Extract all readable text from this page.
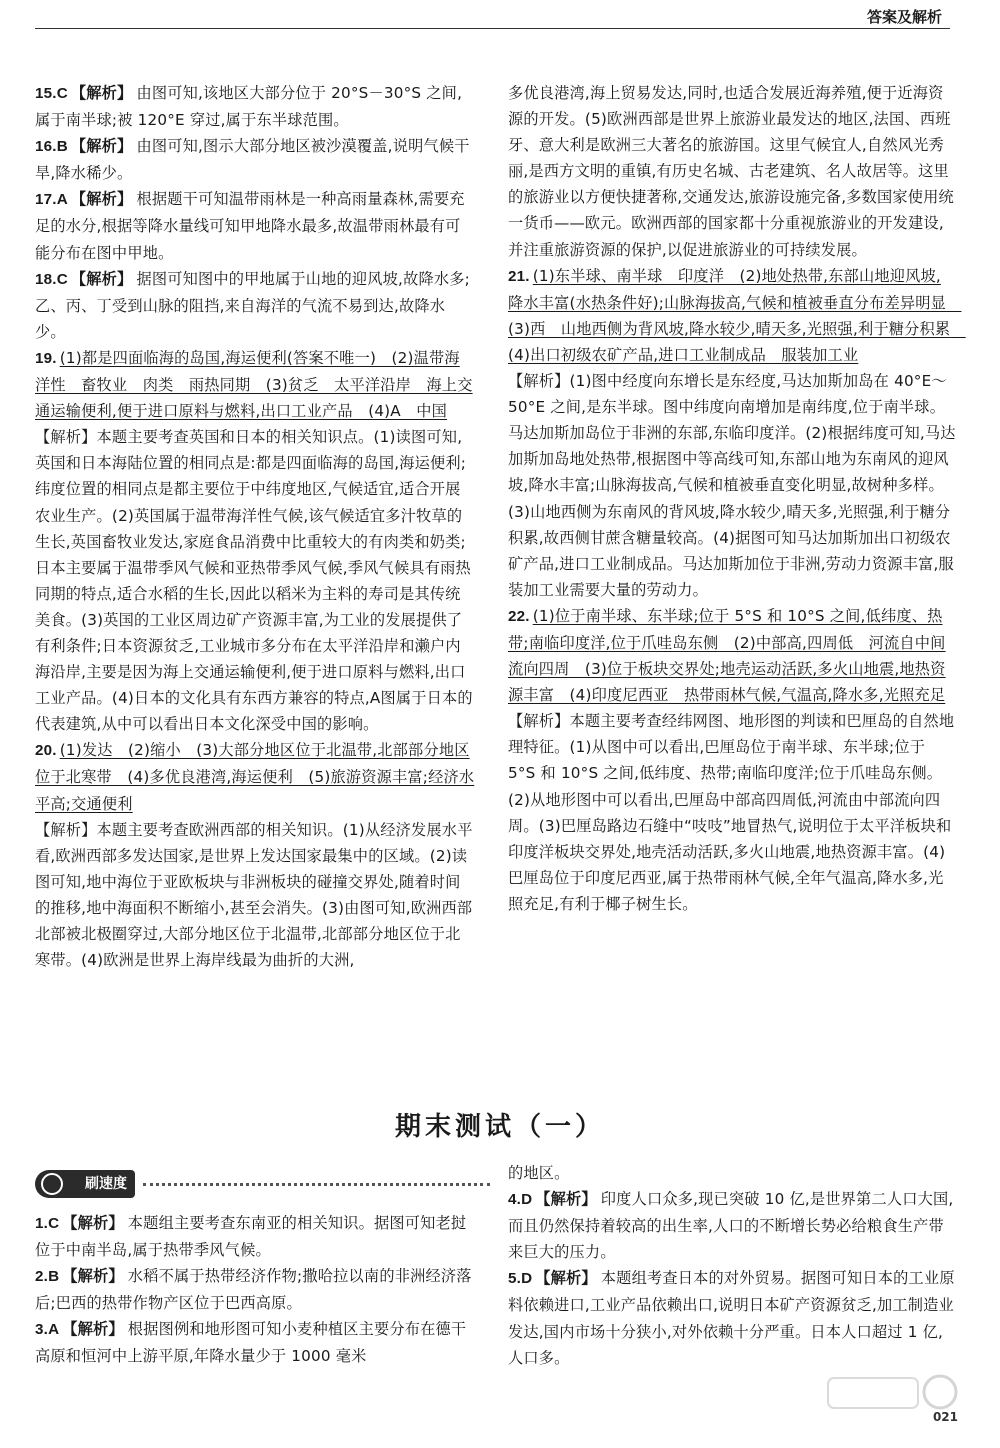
答案及解析

15.C 【解析】 由图可知,该地区大部分位于 20°S－30°S 之间,属于南半球;被 120°E 穿过,属于东半球范围。

16.B 【解析】 由图可知,图示大部分地区被沙漠覆盖,说明气候干旱,降水稀少。

17.A 【解析】 根据题干可知温带雨林是一种高雨量森林,需要充足的水分,根据等降水量线可知甲地降水最多,故温带雨林最有可能分布在图中甲地。

18.C 【解析】 据图可知图中的甲地属于山地的迎风坡,故降水多;乙、丙、丁受到山脉的阻挡,来自海洋的气流不易到达,故降水少。

19. (1)都是四面临海的岛国,海运便利(答案不唯一)　(2)温带海洋性　畜牧业　肉类　雨热同期　(3)贫乏　太平洋沿岸　海上交通运输便利,便于进口原料与燃料,出口工业产品　(4)A　中国

【解析】本题主要考查英国和日本的相关知识点。(1)读图可知,英国和日本海陆位置的相同点是:都是四面临海的岛国,海运便利;纬度位置的相同点是都主要位于中纬度地区,气候适宜,适合开展农业生产。(2)英国属于温带海洋性气候,该气候适宜多汁牧草的生长,英国畜牧业发达,家庭食品消费中比重较大的有肉类和奶类;日本主要属于温带季风气候和亚热带季风气候,季风气候具有雨热同期的特点,适合水稻的生长,因此以稻米为主料的寿司是其传统美食。(3)英国的工业区周边矿产资源丰富,为工业的发展提供了有利条件;日本资源贫乏,工业城市多分布在太平洋沿岸和濑户内海沿岸,主要是因为海上交通运输便利,便于进口原料与燃料,出口工业产品。(4)日本的文化具有东西方兼容的特点,A图属于日本的代表建筑,从中可以看出日本文化深受中国的影响。

20. (1)发达　(2)缩小　(3)大部分地区位于北温带,北部部分地区位于北寒带　(4)多优良港湾,海运便利　(5)旅游资源丰富;经济水平高;交通便利

【解析】本题主要考查欧洲西部的相关知识。(1)从经济发展水平看,欧洲西部多发达国家,是世界上发达国家最集中的区域。(2)读图可知,地中海位于亚欧板块与非洲板块的碰撞交界处,随着时间的推移,地中海面积不断缩小,甚至会消失。(3)由图可知,欧洲西部北部被北极圈穿过,大部分地区位于北温带,北部部分地区位于北寒带。(4)欧洲是世界上海岸线最为曲折的大洲,

多优良港湾,海上贸易发达,同时,也适合发展近海养殖,便于近海资源的开发。(5)欧洲西部是世界上旅游业最发达的地区,法国、西班牙、意大利是欧洲三大著名的旅游国。这里气候宜人,自然风光秀丽,是西方文明的重镇,有历史名城、古老建筑、名人故居等。这里的旅游业以方便快捷著称,交通发达,旅游设施完备,多数国家使用统一货币——欧元。欧洲西部的国家都十分重视旅游业的开发建设,并注重旅游资源的保护,以促进旅游业的可持续发展。

21. (1)东半球、南半球　印度洋　(2)地处热带,东部山地迎风坡,降水丰富(水热条件好);山脉海拔高,气候和植被垂直分布差异明显　(3)西　山地西侧为背风坡,降水较少,晴天多,光照强,利于糖分积累　(4)出口初级农矿产品,进口工业制成品　服装加工业

【解析】(1)图中经度向东增长是东经度,马达加斯加岛在 40°E～50°E 之间,是东半球。图中纬度向南增加是南纬度,位于南半球。马达加斯加岛位于非洲的东部,东临印度洋。(2)根据纬度可知,马达加斯加岛地处热带,根据图中等高线可知,东部山地为东南风的迎风坡,降水丰富;山脉海拔高,气候和植被垂直变化明显,故树种多样。(3)山地西侧为东南风的背风坡,降水较少,晴天多,光照强,利于糖分积累,故西侧甘蔗含糖量较高。(4)据图可知马达加斯加出口初级农矿产品,进口工业制成品。马达加斯加位于非洲,劳动力资源丰富,服装加工业需要大量的劳动力。

22. (1)位于南半球、东半球;位于 5°S 和 10°S 之间,低纬度、热带;南临印度洋,位于爪哇岛东侧　(2)中部高,四周低　河流自中间流向四周　(3)位于板块交界处;地壳运动活跃,多火山地震,地热资源丰富　(4)印度尼西亚　热带雨林气候,气温高,降水多,光照充足

【解析】本题主要考查经纬网图、地形图的判读和巴厘岛的自然地理特征。(1)从图中可以看出,巴厘岛位于南半球、东半球;位于 5°S 和 10°S 之间,低纬度、热带;南临印度洋;位于爪哇岛东侧。(2)从地形图中可以看出,巴厘岛中部高四周低,河流由中部流向四周。(3)巴厘岛路边石缝中“吱吱”地冒热气,说明位于太平洋板块和印度洋板块交界处,地壳活动活跃,多火山地震,地热资源丰富。(4)巴厘岛位于印度尼西亚,属于热带雨林气候,全年气温高,降水多,光照充足,有利于椰子树生长。

期末测试（一）
刷速度

1.C 【解析】 本题组主要考查东南亚的相关知识。据图可知老挝位于中南半岛,属于热带季风气候。

2.B 【解析】 水稻不属于热带经济作物;撒哈拉以南的非洲经济落后;巴西的热带作物产区位于巴西高原。

3.A 【解析】 根据图例和地形图可知小麦种植区主要分布在德干高原和恒河中上游平原,年降水量少于 1000 毫米

的地区。

4.D 【解析】 印度人口众多,现已突破 10 亿,是世界第二人口大国,而且仍然保持着较高的出生率,人口的不断增长势必给粮食生产带来巨大的压力。

5.D 【解析】 本题组考查日本的对外贸易。据图可知日本的工业原料依赖进口,工业产品依赖出口,说明日本矿产资源贫乏,加工制造业发达,国内市场十分狭小,对外依赖十分严重。日本人口超过 1 亿,人口多。

021
